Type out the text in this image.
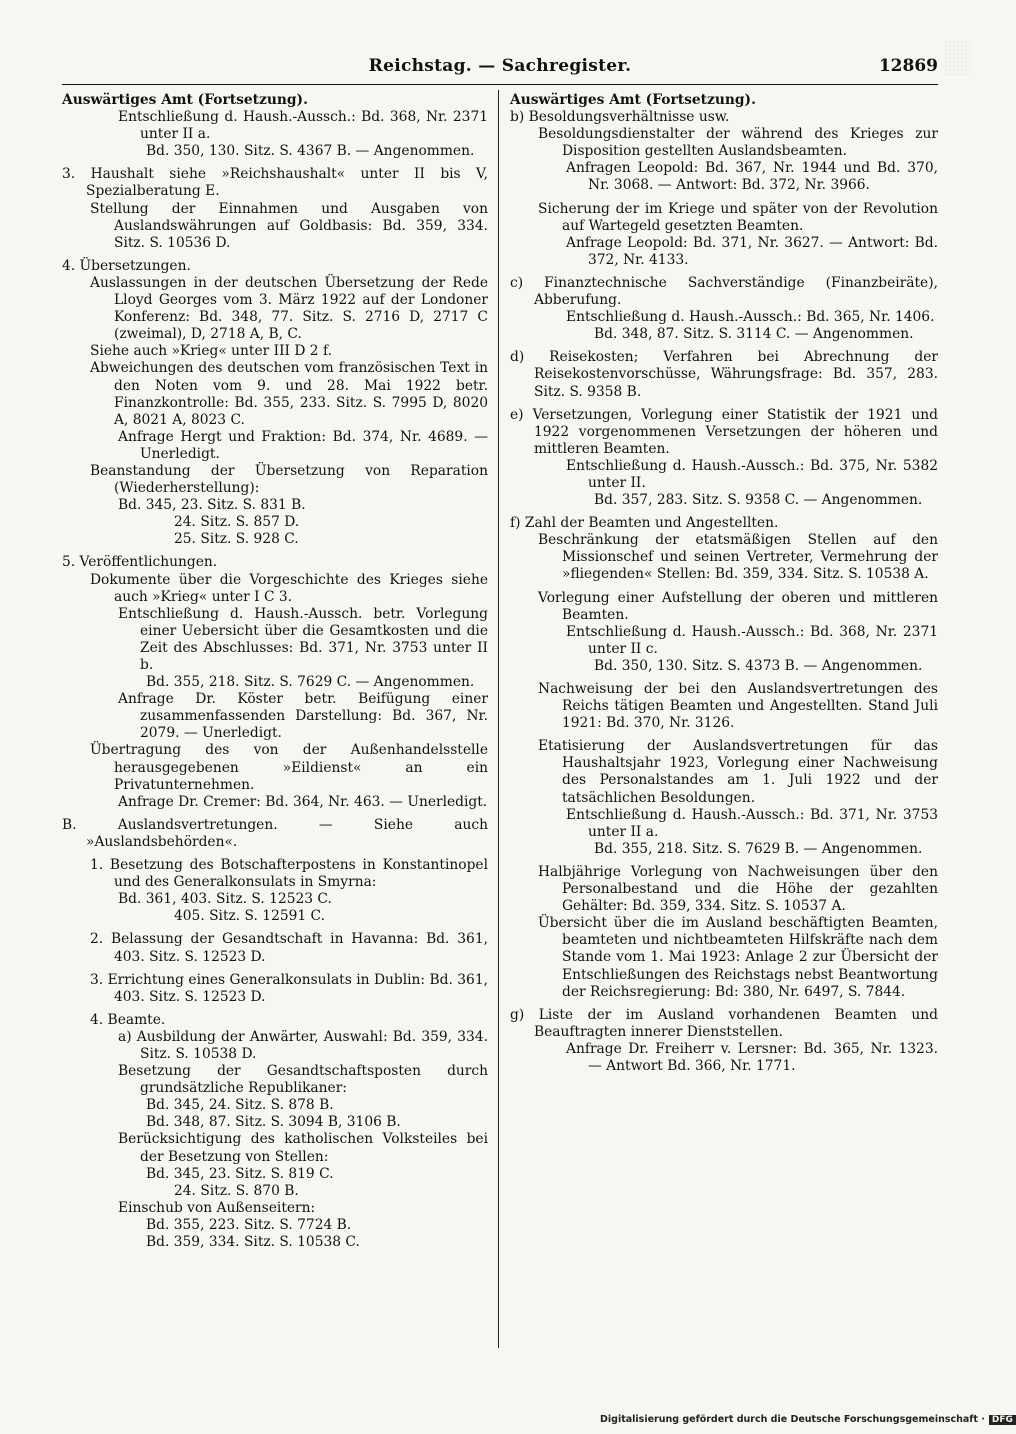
Reichstag. — Sachregister.	12869

Auswärtiges Amt (Fortsetzung).

Entschließung d. Haush.-Aussch.: Bd. 368, Nr. 2371 unter II a.

Bd. 350, 130. Sitz. S. 4367 B. — Angenommen.

3. Haushalt siehe »Reichshaushalt« unter II bis V, Spezialberatung E.

Stellung der Einnahmen und Ausgaben von Auslandswährungen auf Goldbasis: Bd. 359, 334. Sitz. S. 10536 D.

4. Übersetzungen.

Auslassungen in der deutschen Übersetzung der Rede Lloyd Georges vom 3. März 1922 auf der Londoner Konferenz: Bd. 348, 77. Sitz. S. 2716 D, 2717 C (zweimal), D, 2718 A, B, C.

Siehe auch »Krieg« unter III D 2 f.

Abweichungen des deutschen vom französischen Text in den Noten vom 9. und 28. Mai 1922 betr. Finanzkontrolle: Bd. 355, 233. Sitz. S. 7995 D, 8020 A, 8021 A, 8023 C.

Anfrage Hergt und Fraktion: Bd. 374, Nr. 4689. — Unerledigt.

Beanstandung der Übersetzung von Reparation (Wiederherstellung):

Bd. 345, 23. Sitz. S. 831 B.

24. Sitz. S. 857 D.

25. Sitz. S. 928 C.

5. Veröffentlichungen.

Dokumente über die Vorgeschichte des Krieges siehe auch »Krieg« unter I C 3.

Entschließung d. Haush.-Aussch. betr. Vorlegung einer Uebersicht über die Gesamtkosten und die Zeit des Abschlusses: Bd. 371, Nr. 3753 unter II b.

Bd. 355, 218. Sitz. S. 7629 C. — Angenommen.

Anfrage Dr. Köster betr. Beifügung einer zusammenfassenden Darstellung: Bd. 367, Nr. 2079. — Unerledigt.

Übertragung des von der Außenhandelsstelle herausgegebenen »Eildienst« an ein Privatunternehmen.

Anfrage Dr. Cremer: Bd. 364, Nr. 463. — Unerledigt.

B. Auslandsvertretungen. — Siehe auch »Auslandsbehörden«.

1. Besetzung des Botschafterpostens in Konstantinopel und des Generalkonsulats in Smyrna:

Bd. 361, 403. Sitz. S. 12523 C.

405. Sitz. S. 12591 C.

2. Belassung der Gesandtschaft in Havanna: Bd. 361, 403. Sitz. S. 12523 D.

3. Errichtung eines Generalkonsulats in Dublin: Bd. 361, 403. Sitz. S. 12523 D.

4. Beamte.

a) Ausbildung der Anwärter, Auswahl: Bd. 359, 334. Sitz. S. 10538 D.

Besetzung der Gesandtschaftsposten durch grundsätzliche Republikaner:

Bd. 345, 24. Sitz. S. 878 B.

Bd. 348, 87. Sitz. S. 3094 B, 3106 B.

Berücksichtigung des katholischen Volksteiles bei der Besetzung von Stellen:

Bd. 345, 23. Sitz. S. 819 C.

24. Sitz. S. 870 B.

Einschub von Außenseitern:

Bd. 355, 223. Sitz. S. 7724 B.

Bd. 359, 334. Sitz. S. 10538 C.

Auswärtiges Amt (Fortsetzung).

b) Besoldungsverhältnisse usw.

Besoldungsdienstalter der während des Krieges zur Disposition gestellten Auslandsbeamten.

Anfragen Leopold: Bd. 367, Nr. 1944 und Bd. 370, Nr. 3068. — Antwort: Bd. 372, Nr. 3966.

Sicherung der im Kriege und später von der Revolution auf Wartegeld gesetzten Beamten.

Anfrage Leopold: Bd. 371, Nr. 3627. — Antwort: Bd. 372, Nr. 4133.

c) Finanztechnische Sachverständige (Finanzbeiräte), Abberufung.

Entschließung d. Haush.-Aussch.: Bd. 365, Nr. 1406.

Bd. 348, 87. Sitz. S. 3114 C. — Angenommen.

d) Reisekosten; Verfahren bei Abrechnung der Reisekostenvorschüsse, Währungsfrage: Bd. 357, 283. Sitz. S. 9358 B.

e) Versetzungen, Vorlegung einer Statistik der 1921 und 1922 vorgenommenen Versetzungen der höheren und mittleren Beamten.

Entschließung d. Haush.-Aussch.: Bd. 375, Nr. 5382 unter II.

Bd. 357, 283. Sitz. S. 9358 C. — Angenommen.

f) Zahl der Beamten und Angestellten.

Beschränkung der etatsmäßigen Stellen auf den Missionschef und seinen Vertreter, Vermehrung der »fliegenden« Stellen: Bd. 359, 334. Sitz. S. 10538 A.

Vorlegung einer Aufstellung der oberen und mittleren Beamten.

Entschließung d. Haush.-Aussch.: Bd. 368, Nr. 2371 unter II c.

Bd. 350, 130. Sitz. S. 4373 B. — Angenommen.

Nachweisung der bei den Auslandsvertretungen des Reichs tätigen Beamten und Angestellten. Stand Juli 1921: Bd. 370, Nr. 3126.

Etatisierung der Auslandsvertretungen für das Haushaltsjahr 1923, Vorlegung einer Nachweisung des Personalstandes am 1. Juli 1922 und der tatsächlichen Besoldungen.

Entschließung d. Haush.-Aussch.: Bd. 371, Nr. 3753 unter II a.

Bd. 355, 218. Sitz. S. 7629 B. — Angenommen.

Halbjährige Vorlegung von Nachweisungen über den Personalbestand und die Höhe der gezahlten Gehälter: Bd. 359, 334. Sitz. S. 10537 A.

Übersicht über die im Ausland beschäftigten Beamten, beamteten und nichtbeamteten Hilfskräfte nach dem Stande vom 1. Mai 1923: Anlage 2 zur Übersicht der Entschließungen des Reichstags nebst Beantwortung der Reichsregierung: Bd: 380, Nr. 6497, S. 7844.

g) Liste der im Ausland vorhandenen Beamten und Beauftragten innerer Dienststellen.

Anfrage Dr. Freiherr v. Lersner: Bd. 365, Nr. 1323. — Antwort Bd. 366, Nr. 1771.

Digitalisierung gefördert durch die Deutsche Forschungsgemeinschaft · DFG
